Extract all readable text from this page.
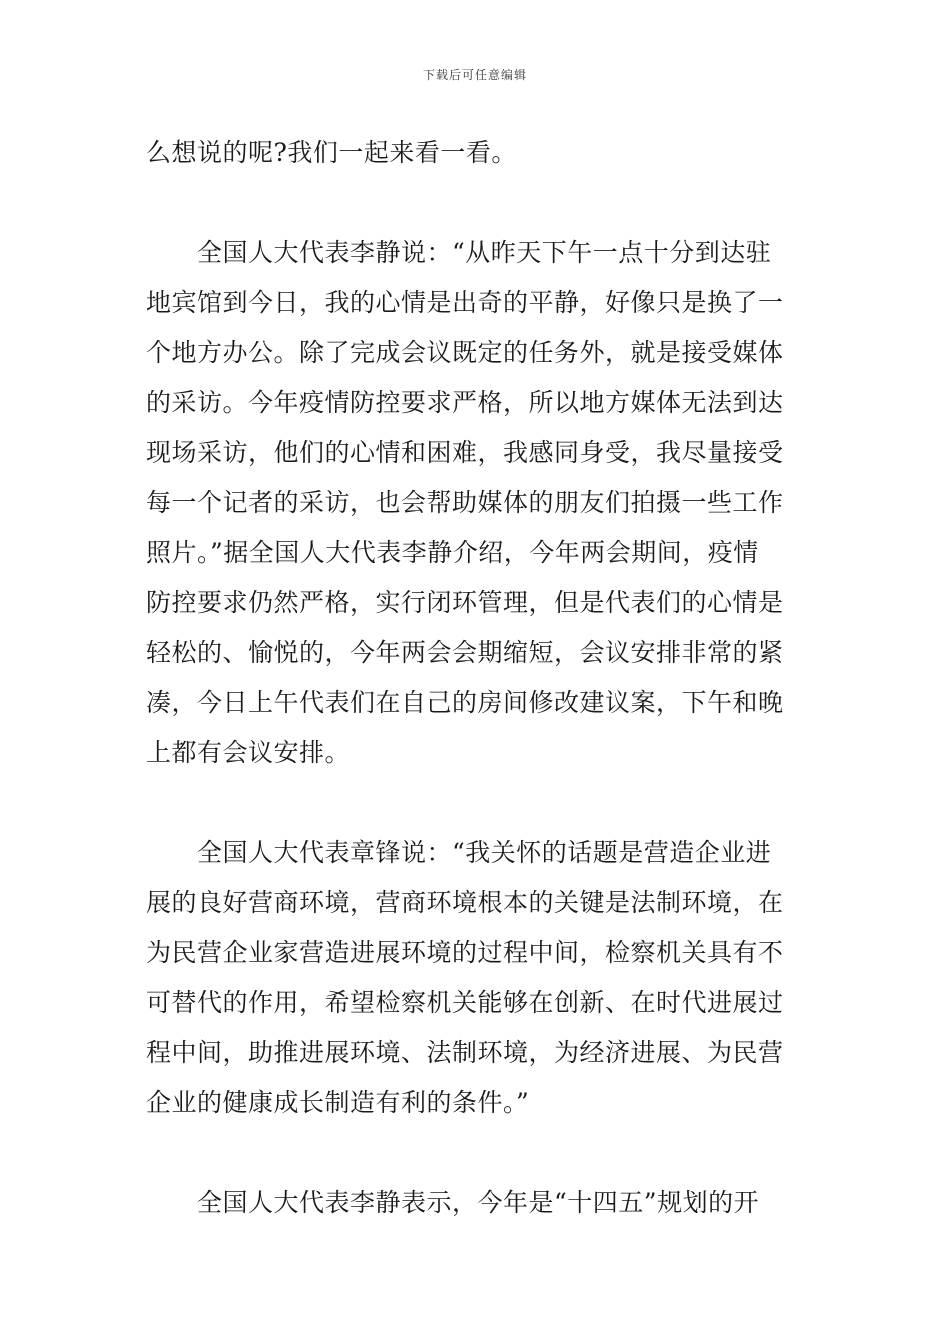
下载后可任意编辑
么想说的呢?我们一起来看一看。
　　全国人大代表李静说：“从昨天下午一点十分到达驻
地宾馆到今日，我的心情是出奇的平静，好像只是换了一
个地方办公。除了完成会议既定的任务外，就是接受媒体
的采访。今年疫情防控要求严格，所以地方媒体无法到达
现场采访，他们的心情和困难，我感同身受，我尽量接受
每一个记者的采访，也会帮助媒体的朋友们拍摄一些工作
照片。”据全国人大代表李静介绍，今年两会期间，疫情
防控要求仍然严格，实行闭环管理，但是代表们的心情是
轻松的、愉悦的，今年两会会期缩短，会议安排非常的紧
凑，今日上午代表们在自己的房间修改建议案，下午和晚
上都有会议安排。
　　全国人大代表章锋说：“我关怀的话题是营造企业进
展的良好营商环境，营商环境根本的关键是法制环境，在
为民营企业家营造进展环境的过程中间，检察机关具有不
可替代的作用，希望检察机关能够在创新、在时代进展过
程中间，助推进展环境、法制环境，为经济进展、为民营
企业的健康成长制造有利的条件。”
　　全国人大代表李静表示，今年是“十四五”规划的开
